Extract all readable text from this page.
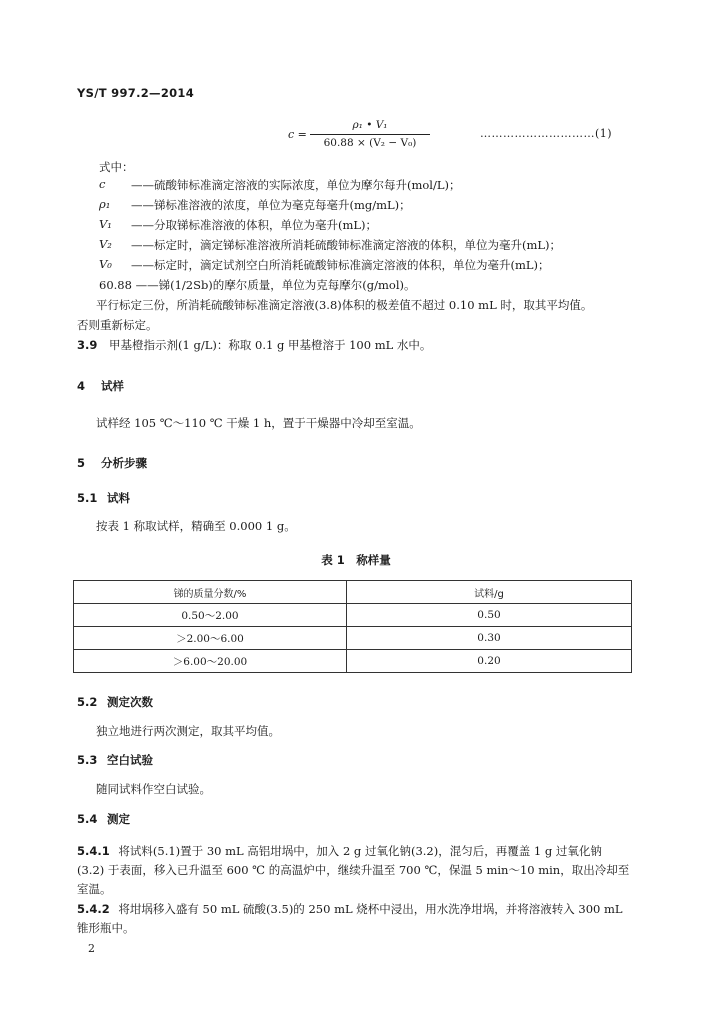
YS/T 997.2—2014
c =
ρ₁ • V₁
60.88 × (V₂ − V₀)
…………………………(1)
式中：
c ——硫酸铈标准滴定溶液的实际浓度，单位为摩尔每升(mol/L)；
ρ₁ ——锑标准溶液的浓度，单位为毫克每毫升(mg/mL)；
V₁ ——分取锑标准溶液的体积，单位为毫升(mL)；
V₂ ——标定时，滴定锑标准溶液所消耗硫酸铈标准滴定溶液的体积，单位为毫升(mL)；
V₀ ——标定时，滴定试剂空白所消耗硫酸铈标准滴定溶液的体积，单位为毫升(mL)；
60.88 ——锑(1/2Sb)的摩尔质量，单位为克每摩尔(g/mol)。
平行标定三份，所消耗硫酸铈标准滴定溶液(3.8)体积的极差值不超过 0.10 mL 时，取其平均值。
否则重新标定。
3.9 甲基橙指示剂(1 g/L)：称取 0.1 g 甲基橙溶于 100 mL 水中。
4 试样
试样经 105 ℃～110 ℃ 干燥 1 h，置于干燥器中冷却至室温。
5 分析步骤
5.1 试料
按表 1 称取试样，精确至 0.000 1 g。
表 1　称样量
锑的质量分数/%	试料/g
0.50～2.00	0.50
＞2.00～6.00	0.30
＞6.00～20.00	0.20
5.2 测定次数
独立地进行两次测定，取其平均值。
5.3 空白试验
随同试料作空白试验。
5.4 测定
5.4.1 将试料(5.1)置于 30 mL 高铝坩埚中，加入 2 g 过氧化钠(3.2)，混匀后，再覆盖 1 g 过氧化钠
(3.2) 于表面，移入已升温至 600 ℃ 的高温炉中，继续升温至 700 ℃，保温 5 min～10 min，取出冷却至
室温。
5.4.2 将坩埚移入盛有 50 mL 硫酸(3.5)的 250 mL 烧杯中浸出，用水洗净坩埚，并将溶液转入 300 mL
锥形瓶中。
2
